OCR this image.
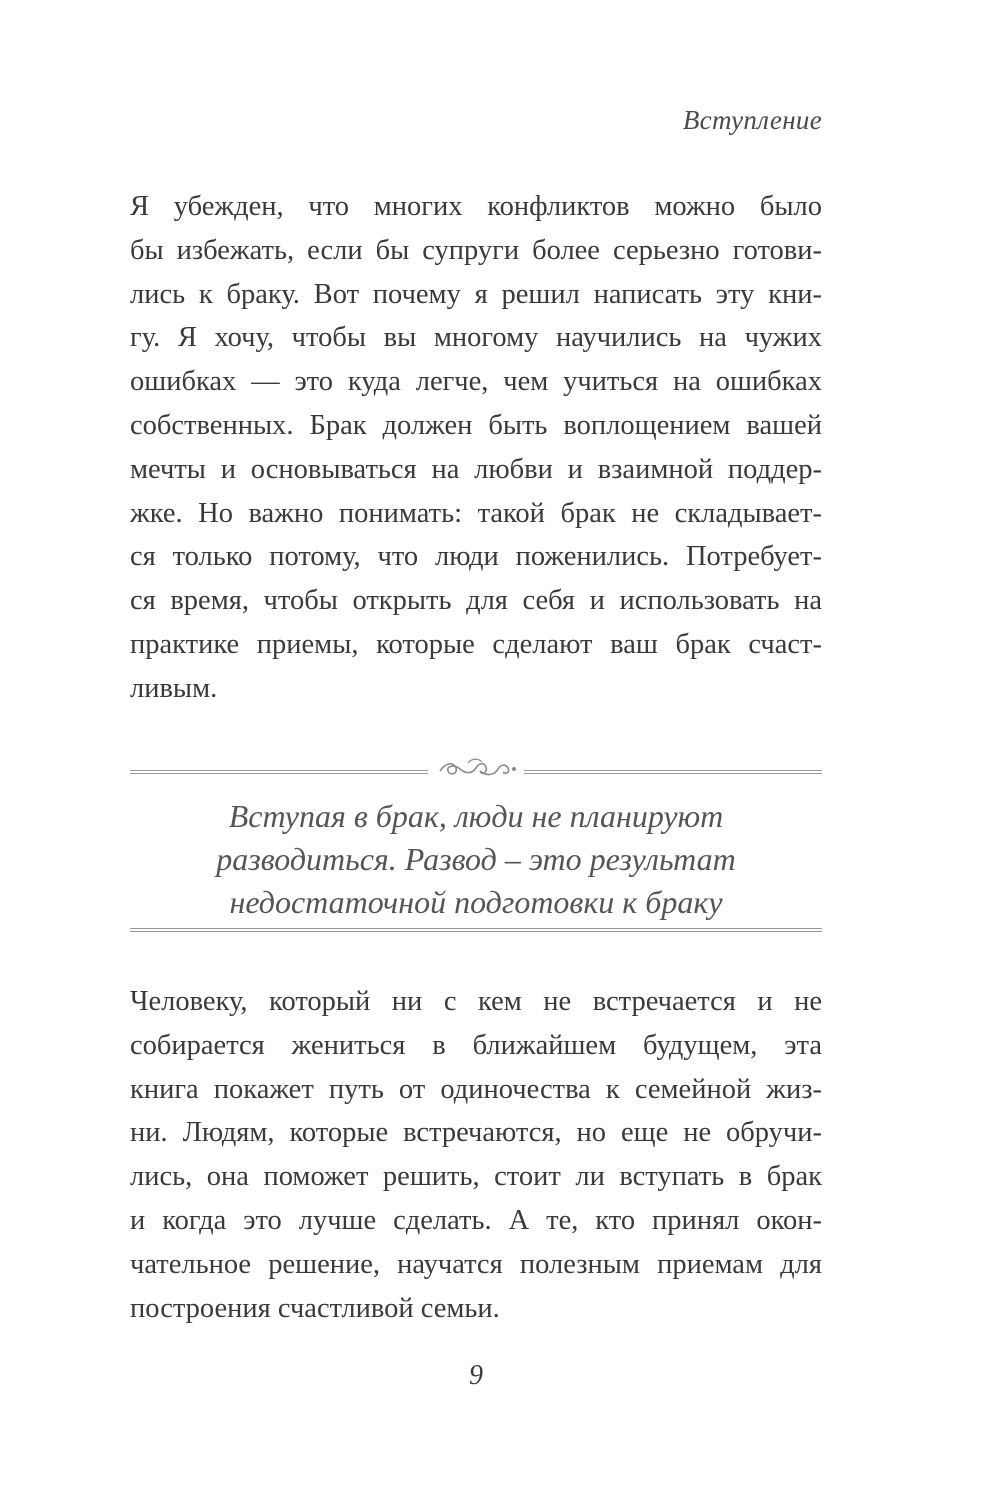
Вступление
Я убежден, что многих конфликтов можно было
бы избежать, если бы супруги более серьезно готови-
лись к браку. Вот почему я решил написать эту кни-
гу. Я хочу, чтобы вы многому научились на чужих
ошибках — это куда легче, чем учиться на ошибках
собственных. Брак должен быть воплощением вашей
мечты и основываться на любви и взаимной поддер-
жке. Но важно понимать: такой брак не складывает-
ся только потому, что люди поженились. Потребует-
ся время, чтобы открыть для себя и использовать на
практике приемы, которые сделают ваш брак счаст-
ливым.
Вступая в брак, люди не планируют
разводиться. Развод – это результат
недостаточной подготовки к браку
Человеку, который ни с кем не встречается и не
собирается жениться в ближайшем будущем, эта
книга покажет путь от одиночества к семейной жиз-
ни. Людям, которые встречаются, но еще не обручи-
лись, она поможет решить, стоит ли вступать в брак
и когда это лучше сделать. А те, кто принял окон-
чательное решение, научатся полезным приемам для
построения счастливой семьи.
9
